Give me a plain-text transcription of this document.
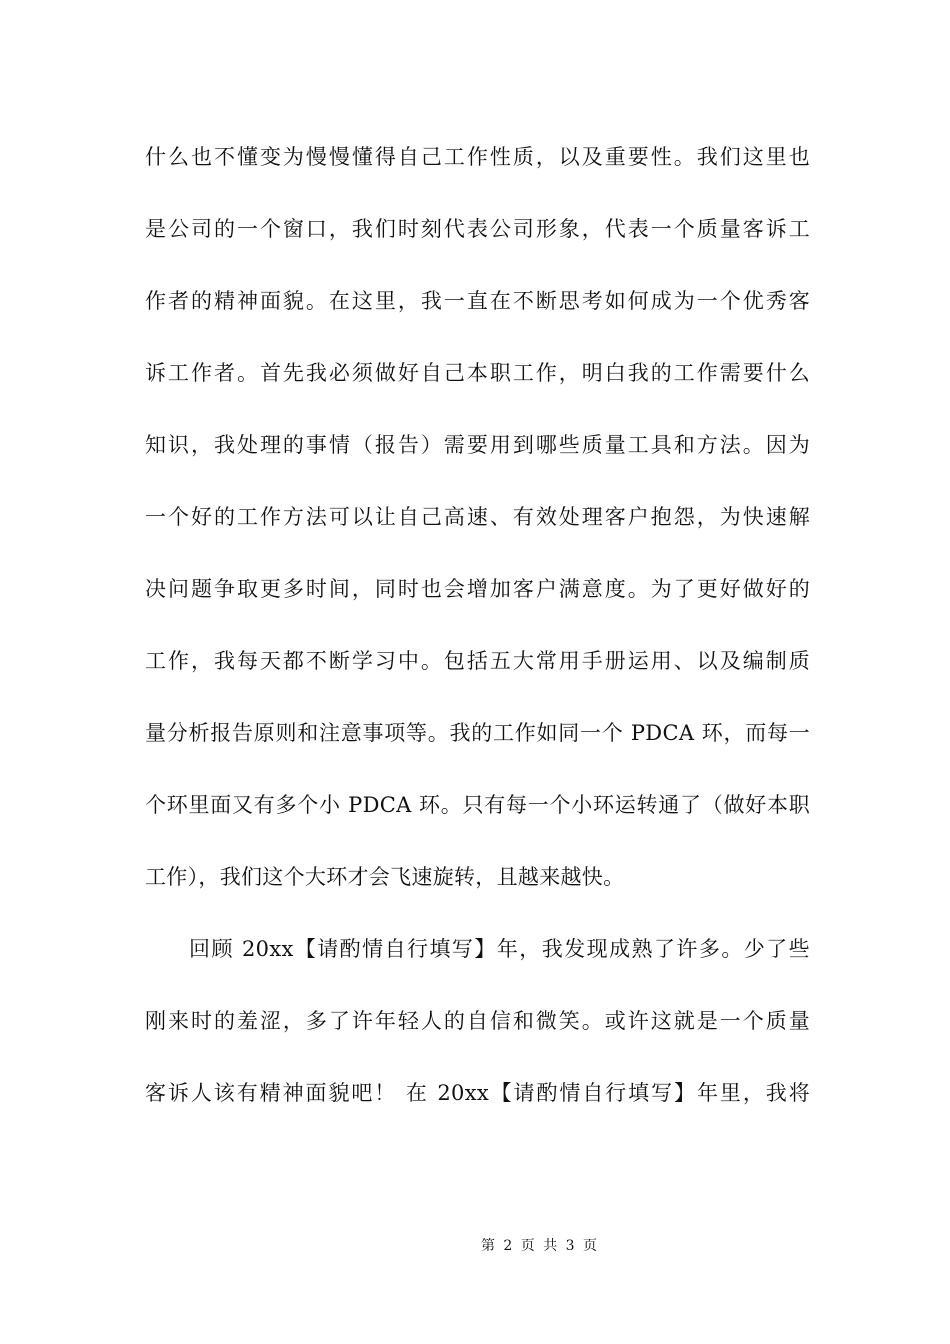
什么也不懂变为慢慢懂得自己工作性质，以及重要性。我们这里也
是公司的一个窗口，我们时刻代表公司形象，代表一个质量客诉工
作者的精神面貌。在这里，我一直在不断思考如何成为一个优秀客
诉工作者。首先我必须做好自己本职工作，明白我的工作需要什么
知识，我处理的事情（报告）需要用到哪些质量工具和方法。因为
一个好的工作方法可以让自己高速、有效处理客户抱怨，为快速解
决问题争取更多时间，同时也会增加客户满意度。为了更好做好的
工作，我每天都不断学习中。包括五大常用手册运用、以及编制质
量分析报告原则和注意事项等。我的工作如同一个 PDCA 环，而每一
个环里面又有多个小 PDCA 环。只有每一个小环运转通了（做好本职
工作），我们这个大环才会飞速旋转，且越来越快。
回顾 20xx【请酌情自行填写】年，我发现成熟了许多。少了些
刚来时的羞涩，多了许年轻人的自信和微笑。或许这就是一个质量
客诉人该有精神面貌吧！ 在 20xx【请酌情自行填写】年里，我将
第 2 页 共 3 页
